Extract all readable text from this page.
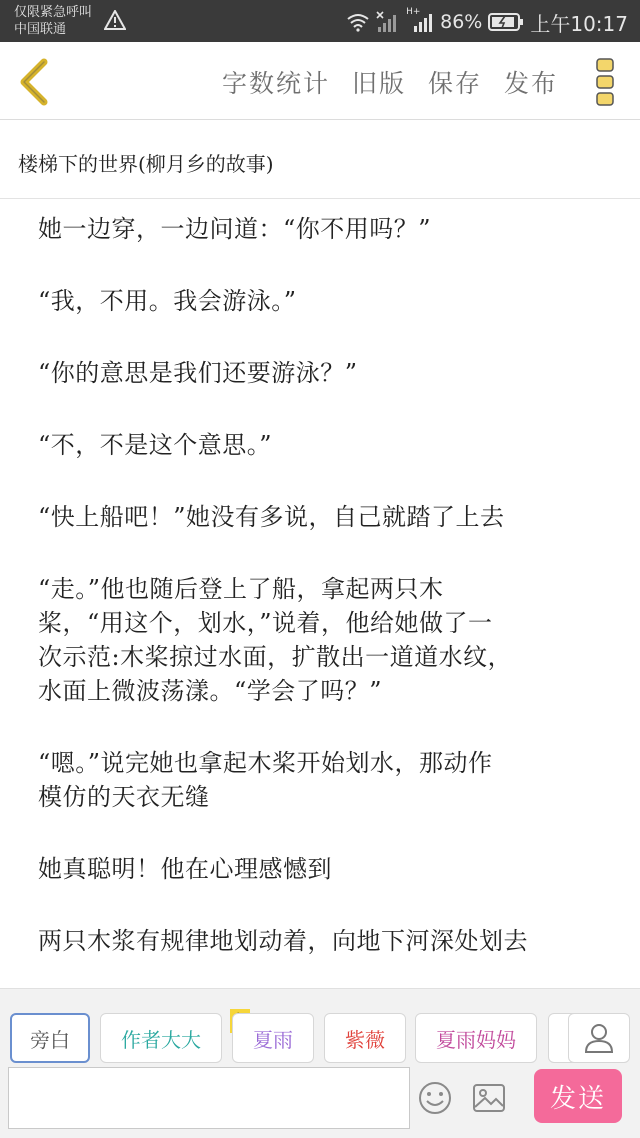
仅限紧急呼叫
中国联通
H+ 86% 上午10:17
字数统计 旧版 保存 发布
楼梯下的世界(柳月乡的故事)

她一边穿，一边问道：“你不用吗？”

“我，不用。我会游泳。”

“你的意思是我们还要游泳？”

“不，不是这个意思。”

“快上船吧！”她没有多说，自己就踏了上去

“走。”他也随后登上了船，拿起两只木
桨，“用这个，划水，”说着，他给她做了一
次示范:木桨掠过水面，扩散出一道道水纹，
水面上微波荡漾。“学会了吗？”

“嗯。”说完她也拿起木桨开始划水，那动作
模仿的天衣无缝

她真聪明！他在心理感憾到

两只木浆有规律地划动着，向地下河深处划去

旁白	作者大大	夏雨	紫薇	夏雨妈妈
发送
